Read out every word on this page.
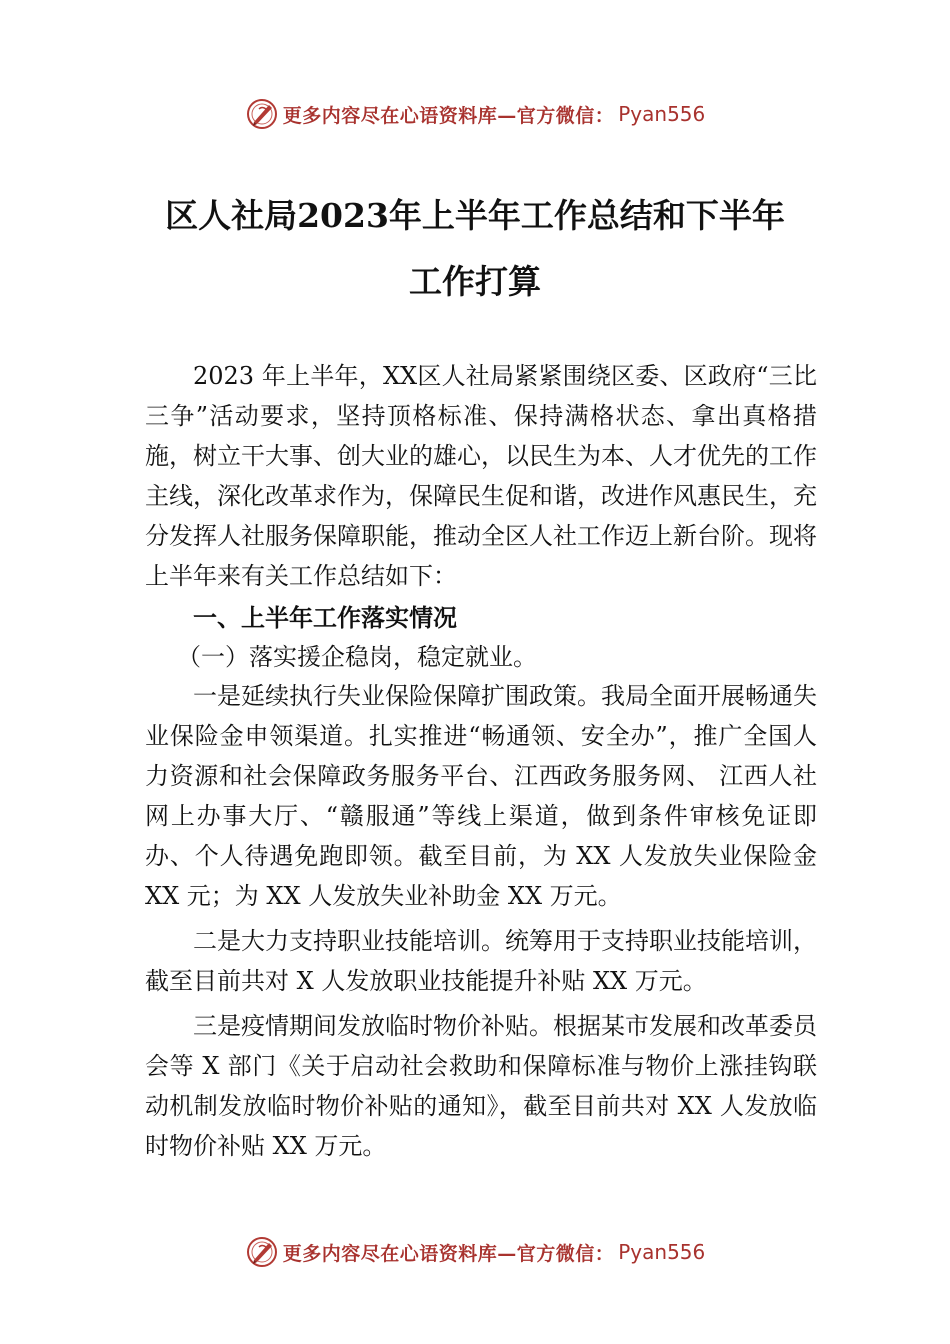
更多内容尽在心语资料库—官方微信： Pyan556
区人社局2023年上半年工作总结和下半年
工作打算

2023 年上半年，XX区人社局紧紧围绕区委、区政府“三比三争”活动要求，坚持顶格标准、保持满格状态、拿出真格措施，树立干大事、创大业的雄心，以民生为本、人才优先的工作主线，深化改革求作为，保障民生促和谐，改进作风惠民生，充分发挥人社服务保障职能，推动全区人社工作迈上新台阶。现将上半年来有关工作总结如下：

一、上半年工作落实情况
（一）落实援企稳岗，稳定就业。

一是延续执行失业保险保障扩围政策。我局全面开展畅通失业保险金申领渠道。扎实推进“畅通领、安全办”，推广全国人力资源和社会保障政务服务平台、江西政务服务网、 江西人社网上办事大厅、“赣服通”等线上渠道，做到条件审核免证即办、个人待遇免跑即领。截至目前，为 XX 人发放失业保险金 XX 元；为 XX 人发放失业补助金 XX 万元。

二是大力支持职业技能培训。统筹用于支持职业技能培训，截至目前共对 X 人发放职业技能提升补贴 XX 万元。

三是疫情期间发放临时物价补贴。根据某市发展和改革委员会等 X 部门《关于启动社会救助和保障标准与物价上涨挂钩联动机制发放临时物价补贴的通知》，截至目前共对 XX 人发放临时物价补贴 XX 万元。

更多内容尽在心语资料库—官方微信： Pyan556
